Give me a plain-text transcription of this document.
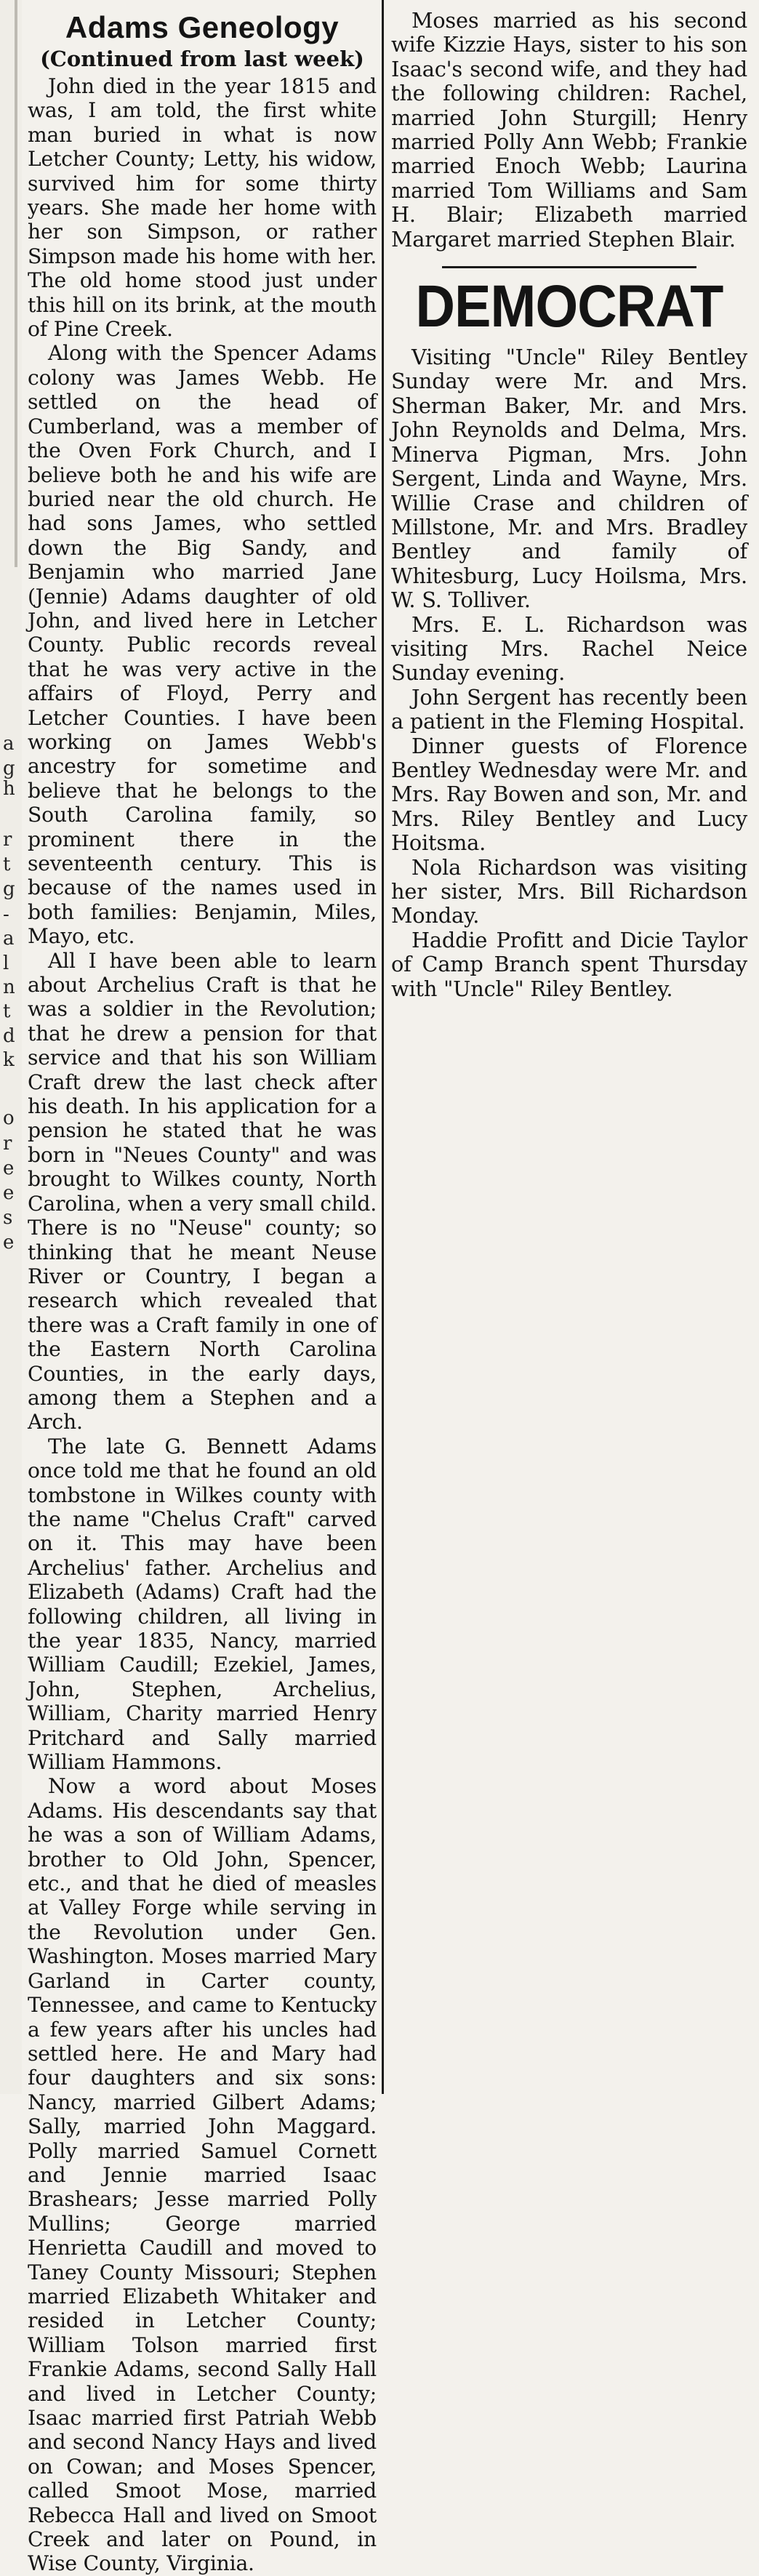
a
g
h
r
t
g
-
a
l
n
t
d
k
o
r
e
e
s
e
Adams Geneology
(Continued from last week)

John died in the year 1815 and was, I am told, the first white man buried in what is now Letcher County; Letty, his widow, survived him for some thirty years. She made her home with her son Simpson, or rather Simpson made his home with her. The old home stood just under this hill on its brink, at the mouth of Pine Creek.

Along with the Spencer Adams colony was James Webb. He settled on the head of Cumberland, was a member of the Oven Fork Church, and I believe both he and his wife are buried near the old church. He had sons James, who settled down the Big Sandy, and Benjamin who married Jane (Jennie) Adams daughter of old John, and lived here in Letcher County. Public records reveal that he was very active in the affairs of Floyd, Perry and Letcher Counties. I have been working on James Webb's ancestry for sometime and believe that he belongs to the South Carolina family, so prominent there in the seventeenth century. This is because of the names used in both families: Benjamin, Miles, Mayo, etc.

All I have been able to learn about Archelius Craft is that he was a soldier in the Revolution; that he drew a pension for that service and that his son William Craft drew the last check after his death. In his application for a pension he stated that he was born in "Neues County" and was brought to Wilkes county, North Carolina, when a very small child. There is no "Neuse" county; so thinking that he meant Neuse River or Country, I began a research which revealed that there was a Craft family in one of the Eastern North Carolina Counties, in the early days, among them a Stephen and a Arch.

The late G. Bennett Adams once told me that he found an old tombstone in Wilkes county with the name "Chelus Craft" carved on it. This may have been Archelius' father. Archelius and Elizabeth (Adams) Craft had the following children, all living in the year 1835, Nancy, married William Caudill; Ezekiel, James, John, Stephen, Archelius, William, Charity married Henry Pritchard and Sally married William Hammons.

Now a word about Moses Adams. His descendants say that he was a son of William Adams, brother to Old John, Spencer, etc., and that he died of measles at Valley Forge while serving in the Revolution under Gen. Washington. Moses married Mary Garland in Carter county, Tennessee, and came to Kentucky a few years after his uncles had settled here. He and Mary had four daughters and six sons: Nancy, married Gilbert Adams; Sally, married John Maggard. Polly married Samuel Cornett and Jennie married Isaac Brashears; Jesse married Polly Mullins; George married Henrietta Caudill and moved to Taney County Missouri; Stephen married Elizabeth Whitaker and resided in Letcher County; William Tolson married first Frankie Adams, second Sally Hall and lived in Letcher County; Isaac married first Patriah Webb and second Nancy Hays and lived on Cowan; and Moses Spencer, called Smoot Mose, married Rebecca Hall and lived on Smoot Creek and later on Pound, in Wise County, Virginia.

Moses married as his second wife Kizzie Hays, sister to his son Isaac's second wife, and they had the following children: Rachel, married John Sturgill; Henry married Polly Ann Webb; Frankie married Enoch Webb; Laurina married Tom Williams and Sam H. Blair; Elizabeth married Margaret married Stephen Blair.

DEMOCRAT

Visiting "Uncle" Riley Bentley Sunday were Mr. and Mrs. Sherman Baker, Mr. and Mrs. John Reynolds and Delma, Mrs. Minerva Pigman, Mrs. John Sergent, Linda and Wayne, Mrs. Willie Crase and children of Millstone, Mr. and Mrs. Bradley Bentley and family of Whitesburg, Lucy Hoilsma, Mrs. W. S. Tolliver.

Mrs. E. L. Richardson was visiting Mrs. Rachel Neice Sunday evening.

John Sergent has recently been a patient in the Fleming Hospital.

Dinner guests of Florence Bentley Wednesday were Mr. and Mrs. Ray Bowen and son, Mr. and Mrs. Riley Bentley and Lucy Hoitsma.

Nola Richardson was visiting her sister, Mrs. Bill Richardson Monday.

Haddie Profitt and Dicie Taylor of Camp Branch spent Thursday with "Uncle" Riley Bentley.
